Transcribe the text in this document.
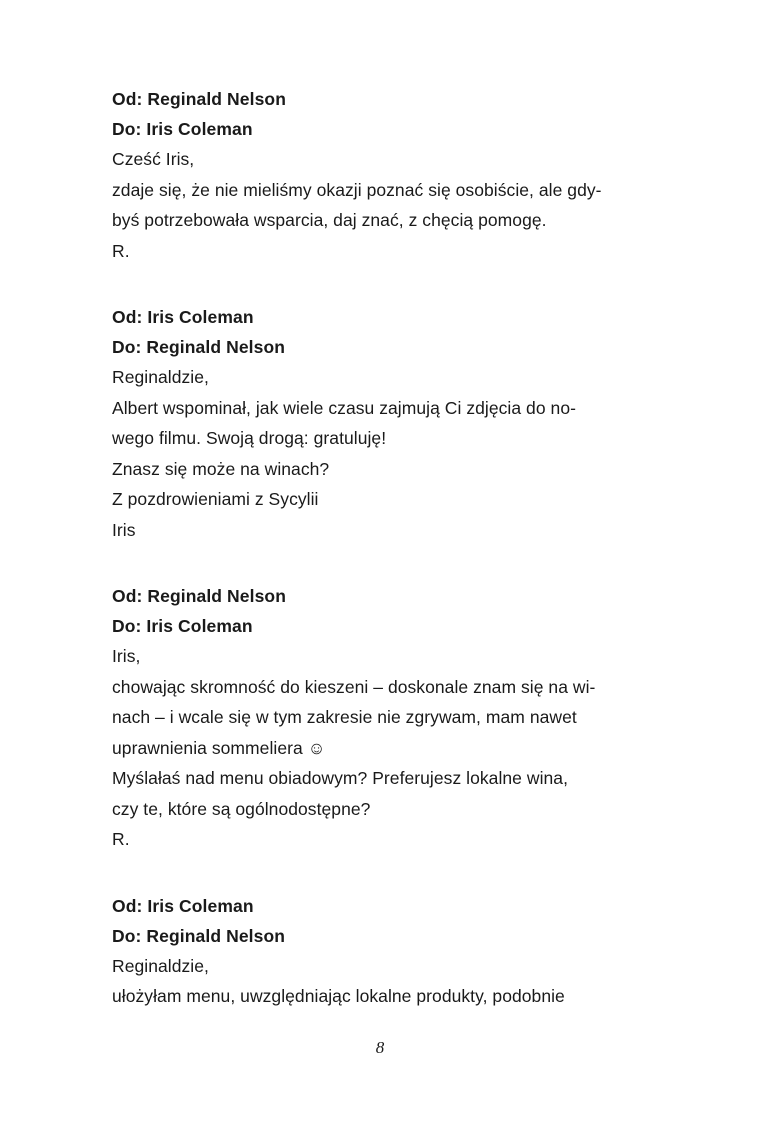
Od: Reginald Nelson
Do: Iris Coleman
Cześć Iris,
zdaje się, że nie mieliśmy okazji poznać się osobiście, ale gdy-
byś potrzebowała wsparcia, daj znać, z chęcią pomogę.
R.
Od: Iris Coleman
Do: Reginald Nelson
Reginaldzie,
Albert wspominał, jak wiele czasu zajmują Ci zdjęcia do no-
wego filmu. Swoją drogą: gratuluję!
Znasz się może na winach?
Z pozdrowieniami z Sycylii
Iris
Od: Reginald Nelson
Do: Iris Coleman
Iris,
chowając skromność do kieszeni – doskonale znam się na wi-
nach – i wcale się w tym zakresie nie zgrywam, mam nawet
uprawnienia sommeliera ☺
Myślałaś nad menu obiadowym? Preferujesz lokalne wina,
czy te, które są ogólnodostępne?
R.
Od: Iris Coleman
Do: Reginald Nelson
Reginaldzie,
ułożyłam menu, uwzględniając lokalne produkty, podobnie
8
